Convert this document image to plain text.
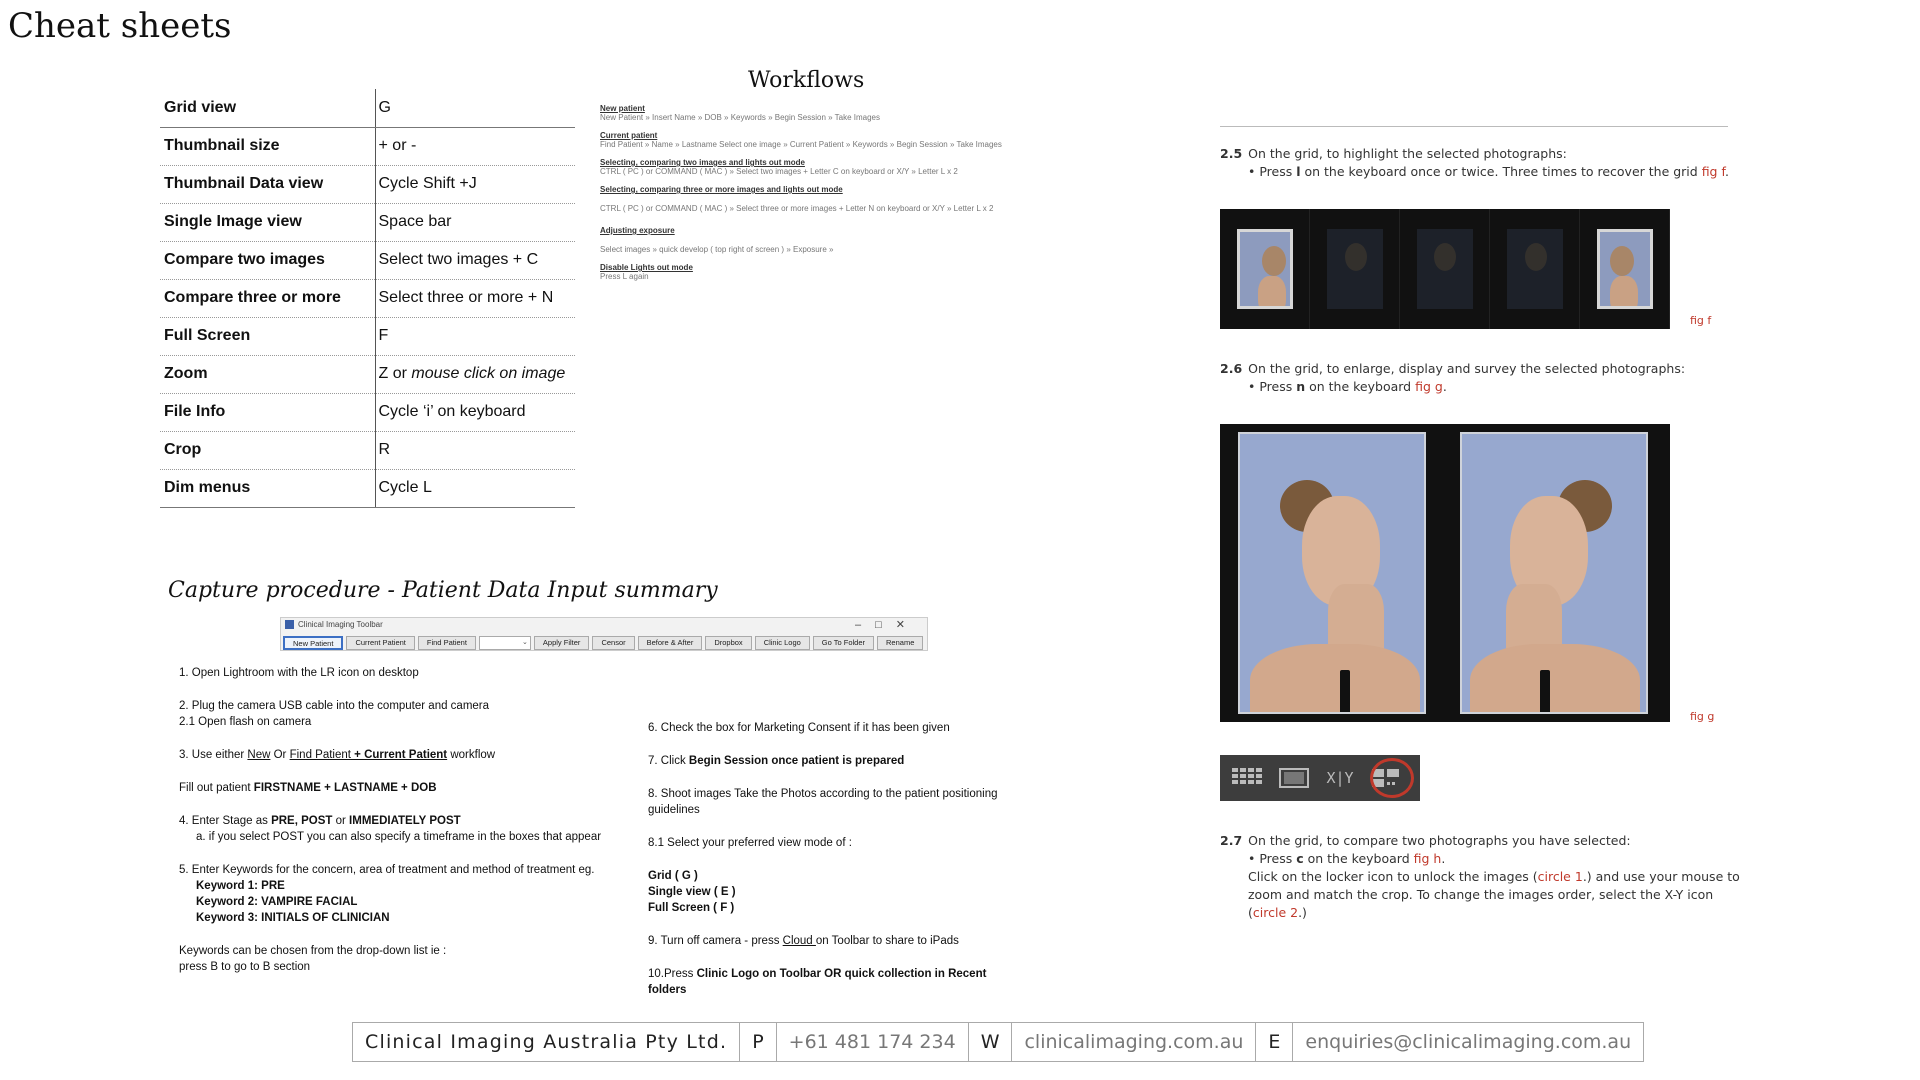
Cheat sheets
Grid view	G
Thumbnail size	+ or -
Thumbnail Data view	Cycle Shift +J
Single Image view	Space bar
Compare two images	Select two images + C
Compare three or more	Select three or more + N
Full Screen	F
Zoom	Z or mouse click on image
File Info	Cycle ‘i’ on keyboard
Crop	R
Dim menus	Cycle L
Workflows
New patient
New Patient » Insert Name » DOB » Keywords » Begin Session » Take Images
Current patient
Find Patient » Name » Lastname Select one image » Current Patient » Keywords » Begin Session » Take Images
Selecting, comparing two images and lights out mode
CTRL ( PC ) or COMMAND ( MAC ) » Select two images + Letter C on keyboard or X/Y » Letter L x 2
Selecting, comparing three or more images and lights out mode
CTRL ( PC ) or COMMAND ( MAC ) » Select three or more images + Letter N on keyboard or X/Y » Letter L x 2
Adjusting exposure
Select images » quick develop ( top right of screen ) » Exposure »
Disable Lights out mode
Press L again
Capture procedure - Patient Data Input summary
Clinical Imaging Toolbar	–□✕
New Patient	Current Patient	Find Patient	⌄	Apply Filter	Censor	Before & After	Dropbox	Clinic Logo	Go To Folder	Rename

1. Open Lightroom with the LR icon on desktop

2. Plug the camera USB cable into the computer and camera

2.1 Open flash on camera

3. Use either New Or Find Patient + Current Patient workflow

Fill out patient FIRSTNAME + LASTNAME + DOB

4. Enter Stage as PRE, POST or IMMEDIATELY POST

a. if you select POST you can also specify a timeframe in the boxes that appear

5. Enter Keywords for the concern, area of treatment and method of treatment eg.
Keyword 1: PRE
Keyword 2: VAMPIRE FACIAL

Keyword 3: INITIALS OF CLINICIAN

Keywords can be chosen from the drop-down list ie :
press B to go to B section

6. Check the box for Marketing Consent if it has been given

7. Click Begin Session once patient is prepared

8. Shoot images Take the Photos according to the patient positioning guidelines

8.1 Select your preferred view mode of :

Grid ( G )
Single view ( E )

Full Screen ( F )

9. Turn off camera - press Cloud on Toolbar to share to iPads

10.Press Clinic Logo on Toolbar OR quick collection in Recent folders

2.5 On the grid, to highlight the selected photographs:
• Press l on the keyboard once or twice. Three times to recover the grid fig f.
fig f
2.6 On the grid, to enlarge, display and survey the selected photographs:
• Press n on the keyboard fig g.
fig g
X|Y
2.7 On the grid, to compare two photographs you have selected:
• Press c on the keyboard fig h.
Click on the locker icon to unlock the images (circle 1.) and use your mouse to zoom and match the crop. To change the images order, select the X-Y icon (circle 2.)
Clinical Imaging Australia Pty Ltd.	P	+61 481 174 234	W	clinicalimaging.com.au	E	enquiries@clinicalimaging.com.au
